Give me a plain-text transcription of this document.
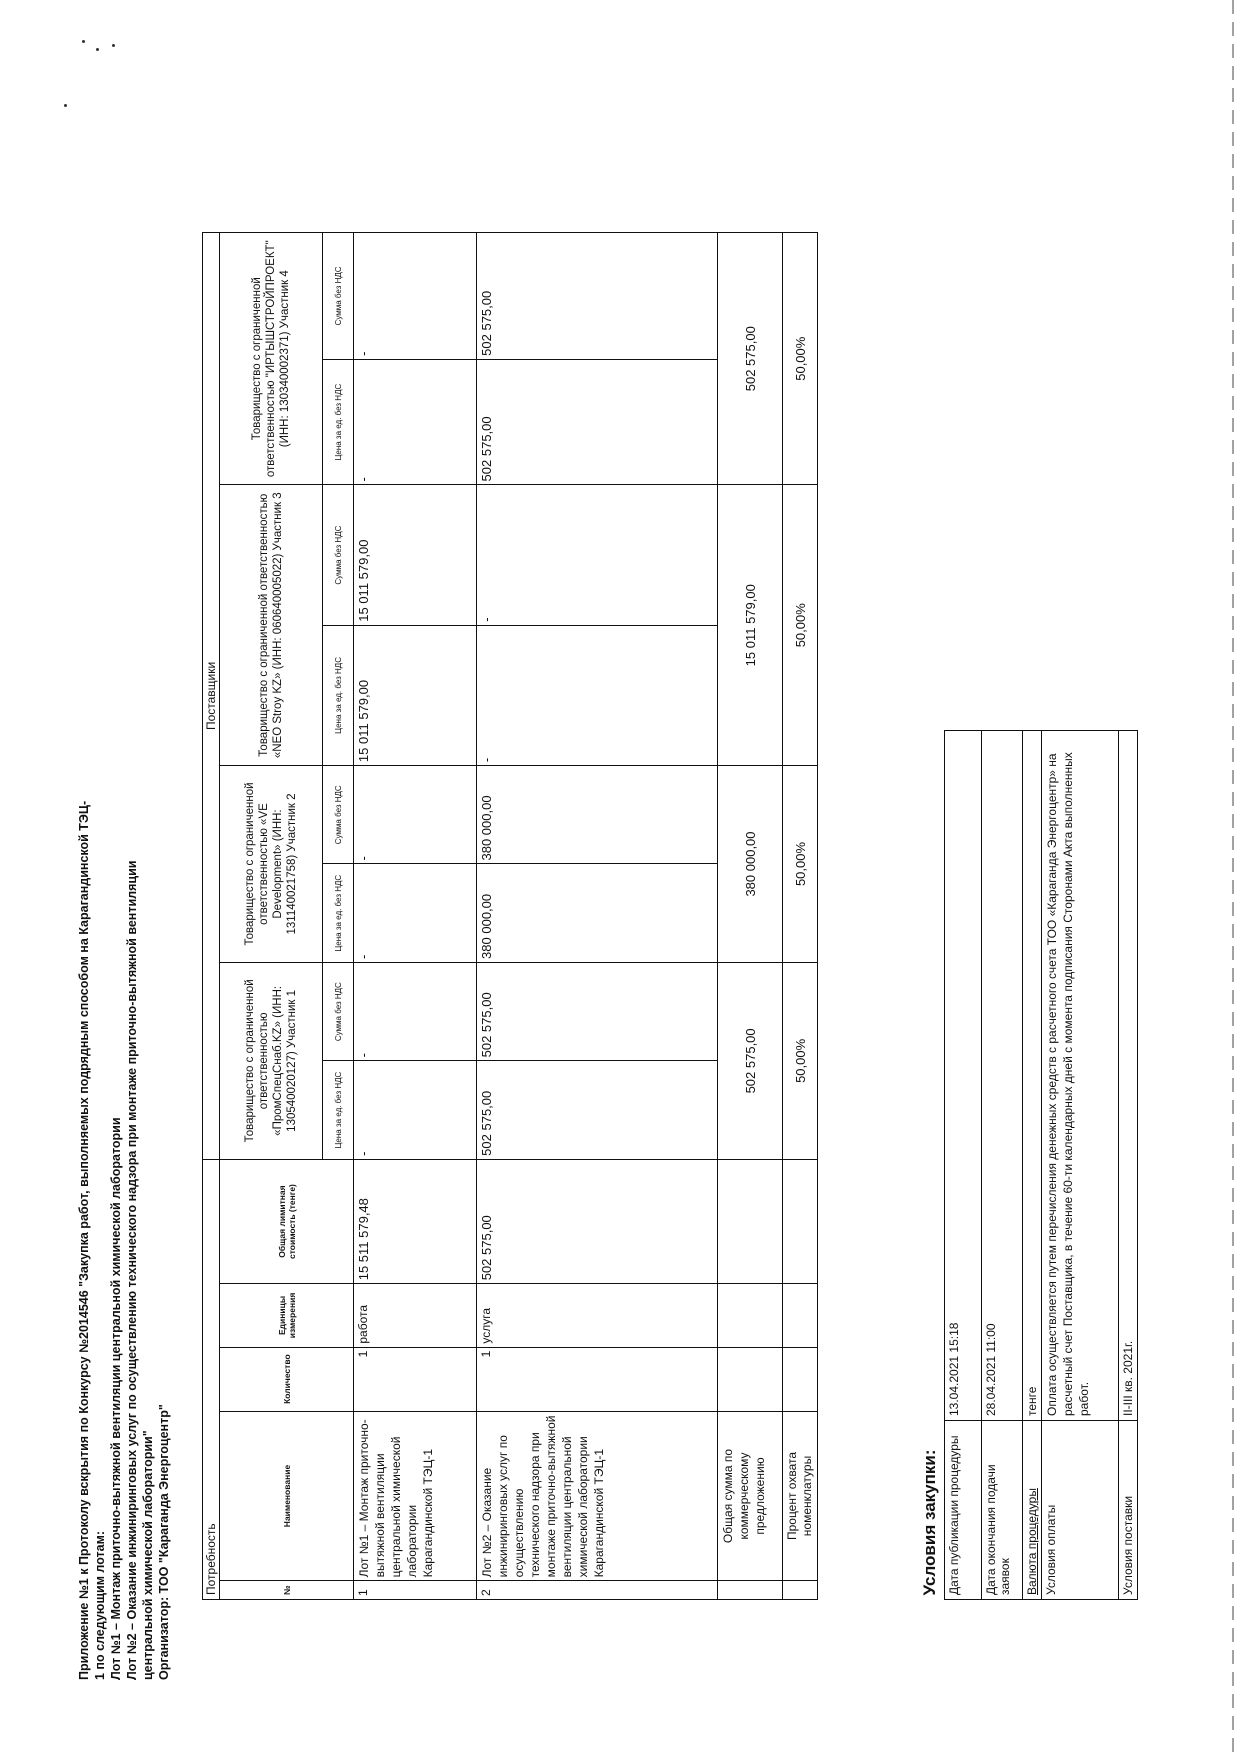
Приложение №1 к Протоколу вскрытия по Конкурсу №2014546 "Закупка работ, выполняемых подрядным способом на Карагандинской ТЭЦ- 1 по следующим лотам: Лот №1 – Монтаж приточно-вытяжной вентиляции центральной химической лаборатории Лот №2 – Оказание инжиниринговых услуг по осуществлению технического надзора при монтаже приточно-вытяжной вентиляции центральной химической лаборатории" Организатор: ТОО "Караганда Энергоцентр"	Потребность					Поставщики							
№	Наименование	Количество	Единицы измерения	Общая лимитная стоимость (тенге)	Товарищество с ограниченной ответственностью «ПромСпецСнаб.KZ» (ИНН: 130540020127) Участник 1		Товарищество с ограниченной ответственностью «VE Development» (ИНН: 131140021758) Участник 2		Товарищество с ограниченной ответственностью «NEO Stroy KZ» (ИНН: 060640005022) Участник 3		Товарищество с ограниченной ответственностью "ИРТЫШСТРОЙПРОЕКТ" (ИНН: 130340002371) Участник 4	
					Цена за ед. без НДС	Сумма без НДС	Цена за ед. без НДС	Сумма без НДС	Цена за ед. без НДС	Сумма без НДС	Цена за ед. без НДС	Сумма без НДС
1	Лот №1 – Монтаж приточно-вытяжной вентиляции центральной химической лаборатории Карагандинской ТЭЦ-1	1	работа	15 511 579,48	-	-	-	-	15 011 579,00	15 011 579,00	-	-
2	Лот №2 – Оказание инжиниринговых услуг по осуществлению технического надзора при монтаже приточно-вытяжной вентиляции центральной химической лаборатории Карагандинской ТЭЦ-1	1	услуга	502 575,00	502 575,00	502 575,00	380 000,00	380 000,00	-	-	502 575,00	502 575,00
	Общая сумма по коммерческому предложению				502 575,00		380 000,00		15 011 579,00		502 575,00	
	Процент охвата номенклатуры				50,00%		50,00%		50,00%		50,00%	
Условия закупки:	
Дата публикации процедуры	13.04.2021 15:18
Дата окончания подачи заявок	28.04.2021 11:00
Валюта процедуры	тенге
Условия оплаты	Оплата осуществляется путем перечисления денежных средств с расчетного счета ТОО «Караганда Энергоцентр» на расчетный счет Поставщика, в течение 60-ти календарных дней с момента подписания Сторонами Акта выполненных работ.
Условия поставки	II-III кв. 2021г.
